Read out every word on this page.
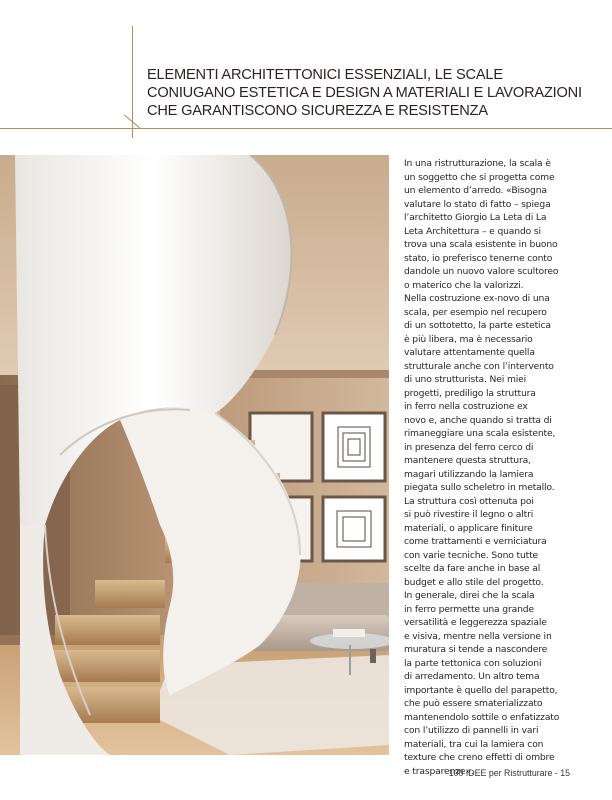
ELEMENTI ARCHITETTONICI ESSENZIALI, LE SCALE
CONIUGANO ESTETICA E DESIGN A MATERIALI E LAVORAZIONI
CHE GARANTISCONO SICUREZZA E RESISTENZA

In una ristrutturazione, la scala è

un soggetto che si progetta come

un elemento d’arredo. «Bisogna

valutare lo stato di fatto – spiega

l’architetto Giorgio La Leta di La

Leta Architettura – e quando si

trova una scala esistente in buono

stato, io preferisco tenerne conto

dandole un nuovo valore scultoreo

o materico che la valorizzi.

Nella costruzione ex-novo di una

scala, per esempio nel recupero

di un sottotetto, la parte estetica

è più libera, ma è necessario

valutare attentamente quella

strutturale anche con l’intervento

di uno strutturista. Nei miei

progetti, prediligo la struttura

in ferro nella costruzione ex

novo e, anche quando si tratta di

rimaneggiare una scala esistente,

in presenza del ferro cerco di

mantenere questa struttura,

magari utilizzando la lamiera

piegata sullo scheletro in metallo.

La struttura così ottenuta poi

si può rivestire il legno o altri

materiali, o applicare finiture

come trattamenti e verniciatura

con varie tecniche. Sono tutte

scelte da fare anche in base al

budget e allo stile del progetto.

In generale, direi che la scala

in ferro permette una grande

versatilità e leggerezza spaziale

e visiva, mentre nella versione in

muratura si tende a nascondere

la parte tettonica con soluzioni

di arredamento. Un altro tema

importante è quello del parapetto,

che può essere smaterializzato

mantenendolo sottile o enfatizzato

con l’utilizzo di pannelli in vari

materiali, tra cui la lamiera con

texture che creno effetti di ombre

e trasparenze».

100 IDEE per Ristrutturare - 15
